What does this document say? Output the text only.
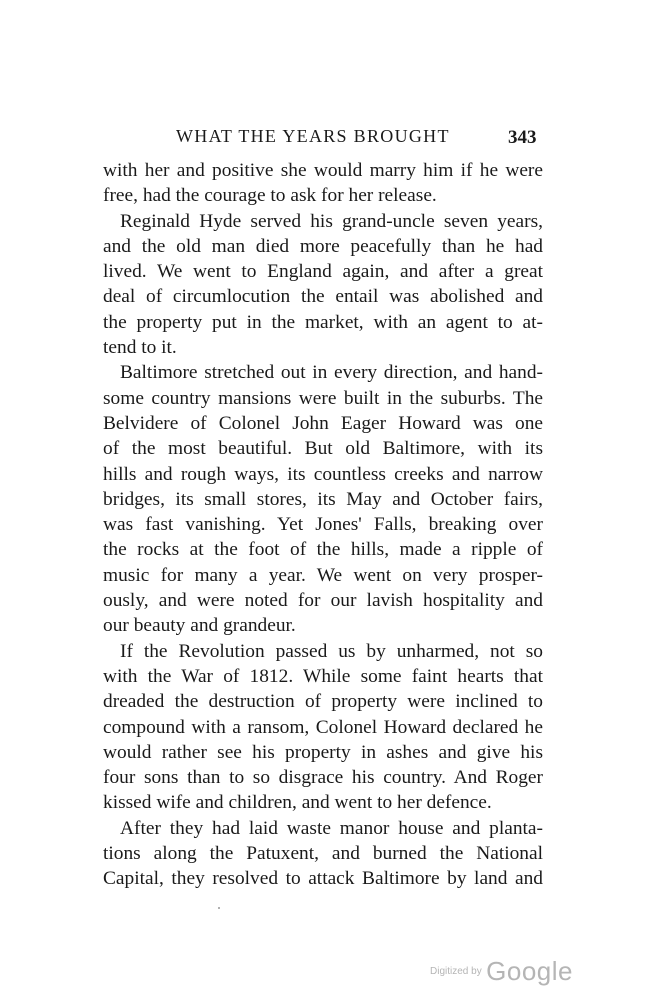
WHAT THE YEARS BROUGHT	343
with her and positive she would marry him if he were
free, had the courage to ask for her release.
Reginald Hyde served his grand-uncle seven years,
and the old man died more peacefully than he had
lived. We went to England again, and after a great
deal of circumlocution the entail was abolished and
the property put in the market, with an agent to at-
tend to it.
Baltimore stretched out in every direction, and hand-
some country mansions were built in the suburbs. The
Belvidere of Colonel John Eager Howard was one
of the most beautiful. But old Baltimore, with its
hills and rough ways, its countless creeks and narrow
bridges, its small stores, its May and October fairs,
was fast vanishing. Yet Jones' Falls, breaking over
the rocks at the foot of the hills, made a ripple of
music for many a year. We went on very prosper-
ously, and were noted for our lavish hospitality and
our beauty and grandeur.
If the Revolution passed us by unharmed, not so
with the War of 1812. While some faint hearts that
dreaded the destruction of property were inclined to
compound with a ransom, Colonel Howard declared he
would rather see his property in ashes and give his
four sons than to so disgrace his country. And Roger
kissed wife and children, and went to her defence.
After they had laid waste manor house and planta-
tions along the Patuxent, and burned the National
Capital, they resolved to attack Baltimore by land and
Digitized by Google
